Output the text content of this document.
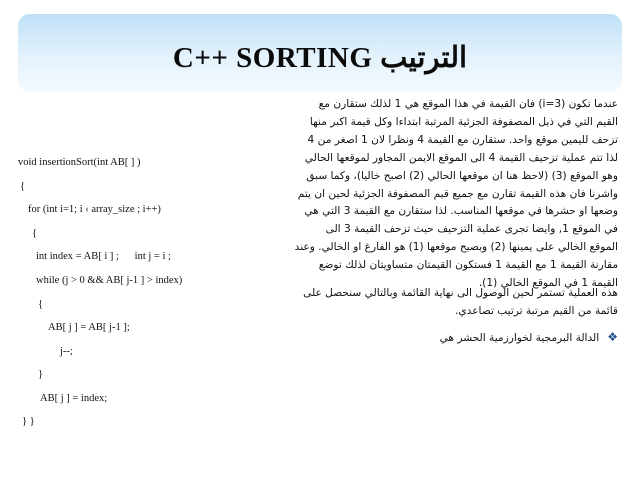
C++ SORTING الترتيب
void insertionSort(int AB[ ] )
{
for (int i=1; i ‹ array_size ; i++)
{
int index = AB[ i ] ;      int j = i ;
while (j > 0 && AB[ j-1 ] > index)
{
AB[ j ] = AB[ j-1 ];
j--;
}
AB[ j ] = index;
} }
عندما تكون (i=3) فان القيمة في هذا الموقع هي 1 لذلك ستقارن مع القيم التي في ذيل المصفوفة الجزئية المرتبة ابتداءا وكل قيمة اكبر منها تزحف لليمين موقع واحد. ستقارن مع القيمة 4 ونظرا لان 1 اصغر من 4 لذا تتم عملية تزحيف القيمة 4 الى الموقع الايمن المجاور لموقعها الحالي وهو الموقع (3) (لاحظ هنا ان موقعها الحالي (2) اصبح خاليا)، وكما سبق واشرنا فان هذه القيمة تقارن مع جميع قيم المصفوفة الجزئية لحين ان يتم وضعها او حشرها في موقعها المناسب. لذا ستقارن مع القيمة 3 التي هي في الموقع 1, وايضا تجرى عملية التزحيف حيث تزحف القيمة 3 الى الموقع الخالي على يمينها (2) وبصبح موقعها (1) هو الفارغ او الخالي. وعند مقارنة القيمة 1 مع القيمة 1 فستكون القيمتان متساويتان لذلك توضع القيمة 1 في الموقع الخالي (1).
هذه العملية تستمر لحين الوصول الى نهاية القائمة وبالتالي سنحصل على قائمة من القيم مرتبة ترتيب تصاعدي.
❖الدالة البرمجية لخوارزمية الحشر هي
